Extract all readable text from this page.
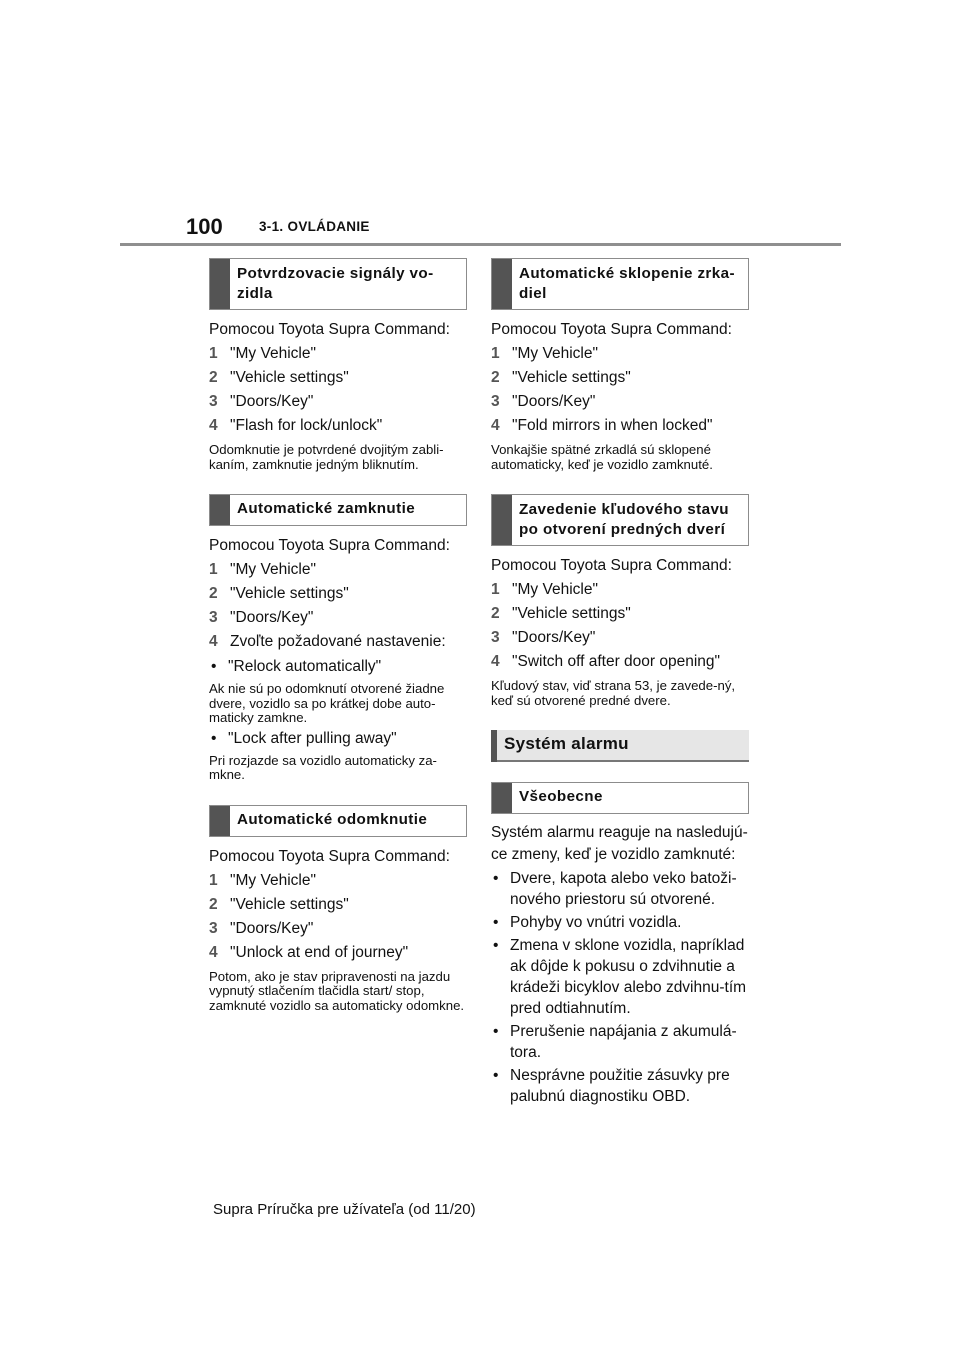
100	3-1. OVLÁDANIE
Potvrdzovacie signály vo-
zidla

Pomocou Toyota Supra Command:

1 "My Vehicle"
2 "Vehicle settings"
3 "Doors/Key"
4 "Flash for lock/unlock"

Odomknutie je potvrdené dvojitým zabli-kaním, zamknutie jedným bliknutím.

Automatické zamknutie

Pomocou Toyota Supra Command:

1 "My Vehicle"
2 "Vehicle settings"
3 "Doors/Key"
4 Zvoľte požadované nastavenie:
• "Relock automatically"

Ak nie sú po odomknutí otvorené žiadne dvere, vozidlo sa po krátkej dobe auto-maticky zamkne.

• "Lock after pulling away"

Pri rozjazde sa vozidlo automaticky za-mkne.

Automatické odomknutie

Pomocou Toyota Supra Command:

1 "My Vehicle"
2 "Vehicle settings"
3 "Doors/Key"
4 "Unlock at end of journey"

Potom, ako je stav pripravenosti na jazdu vypnutý stlačením tlačidla start/ stop, zamknuté vozidlo sa automaticky odomkne.

Automatické sklopenie zrka-diel

Pomocou Toyota Supra Command:

1 "My Vehicle"
2 "Vehicle settings"
3 "Doors/Key"
4 "Fold mirrors in when locked"

Vonkajšie spätné zrkadlá sú sklopené automaticky, keď je vozidlo zamknuté.

Zavedenie kľudového stavu po otvorení predných dverí

Pomocou Toyota Supra Command:

1 "My Vehicle"
2 "Vehicle settings"
3 "Doors/Key"
4 "Switch off after door opening"

Kľudový stav, viď strana 53, je zavede-ný, keď sú otvorené predné dvere.

Systém alarmu
Všeobecne

Systém alarmu reaguje na nasledujú-ce zmeny, keď je vozidlo zamknuté:

• Dvere, kapota alebo veko batoži-nového priestoru sú otvorené.
• Pohyby vo vnútri vozidla.
• Zmena v sklone vozidla, napríklad ak dôjde k pokusu o zdvihnutie a krádeži bicyklov alebo zdvihnu-tím pred odtiahnutím.
• Prerušenie napájania z akumulá-tora.
• Nesprávne použitie zásuvky pre palubnú diagnostiku OBD.
Supra Príručka pre užívateľa (od 11/20)
